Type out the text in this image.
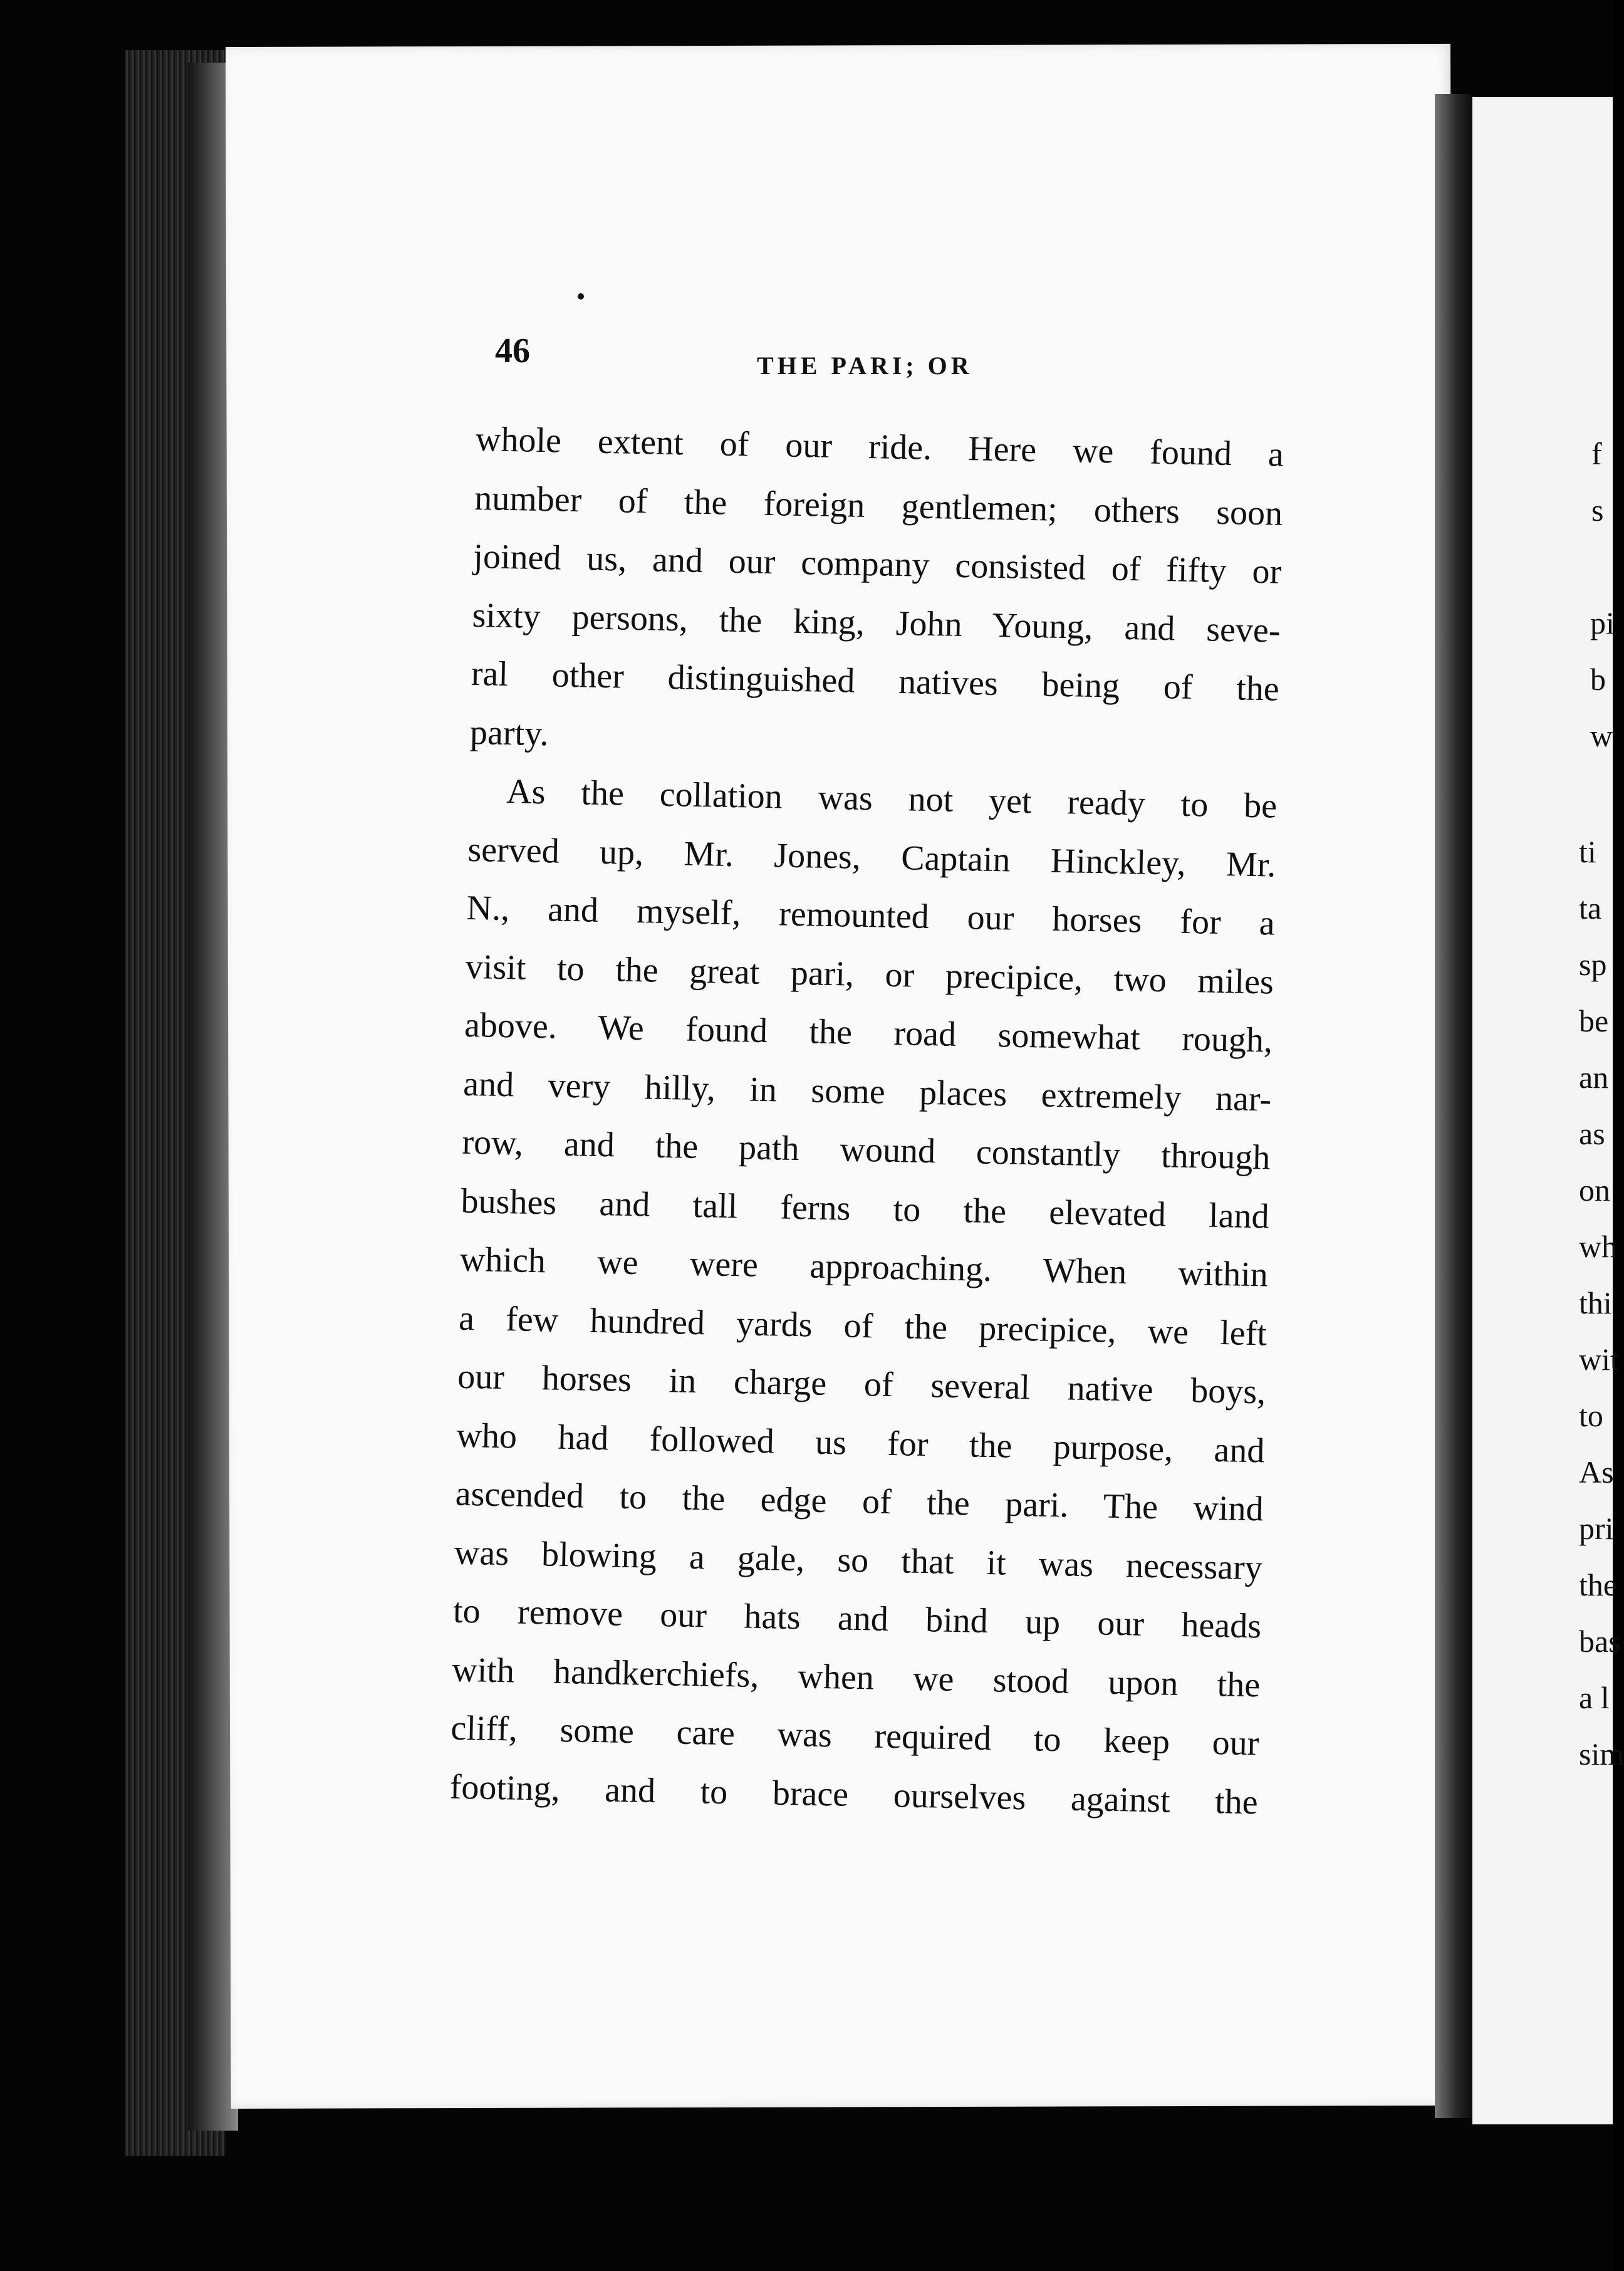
46	THE PARI; OR
whole extent of our ride. Here we found a
number of the foreign gentlemen; others soon
joined us, and our company consisted of fifty or
sixty persons, the king, John Young, and seve-
ral other distinguished natives being of the
party.
As the collation was not yet ready to be
served up, Mr. Jones, Captain Hinckley, Mr.
N., and myself, remounted our horses for a
visit to the great pari, or precipice, two miles
above. We found the road somewhat rough,
and very hilly, in some places extremely nar-
row, and the path wound constantly through
bushes and tall ferns to the elevated land
which we were approaching. When within
a few hundred yards of the precipice, we left
our horses in charge of several native boys,
who had followed us for the purpose, and
ascended to the edge of the pari. The wind
was blowing a gale, so that it was necessary
to remove our hats and bind up our heads
with handkerchiefs, when we stood upon the
cliff, some care was required to keep our
footing, and to brace ourselves against the
f
s
pi
b
w
ti
ta
sp
be
an
as
on
wh
thi
wit
to
As
pri
the
bas
a l
sim
